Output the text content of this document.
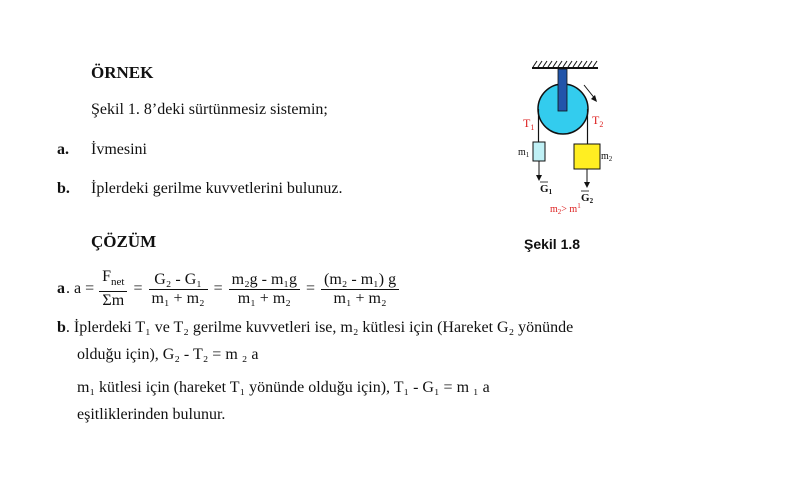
ÖRNEK
Şekil 1. 8’deki sürtünmesiz sistemin;
a. İvmesini
b. İplerdeki gerilme kuvvetlerini bulunuz.
ÇÖZÜM
a . $a = \frac{F_{net}}{\Sigma m} = \frac{\text{G₂ - G₁}}{\text{m₁ + m₂}} = \frac{\text{m₂g - m₁g}}{\text{m₁ + m₂}} = \frac{\text{(m₂ - m₁) g}}{\text{m₁ + m₂}}$
b. İplerdeki T₁ ve T₂ gerilme kuvvetleri ise, m₂ kütlesi için (Hareket G₂ yönünde
olduğu için), G₂ - T₂ = m ₂ a
m₁ kütlesi için (hareket T₁ yönünde olduğu için), T₁ - G₁ = m ₁ a
eşitliklerinden bulunur.
$T_1$
$T_2$
$m_1$	$m_2$
G1	G2
$m_2> m^1$
Şekil 1.8
